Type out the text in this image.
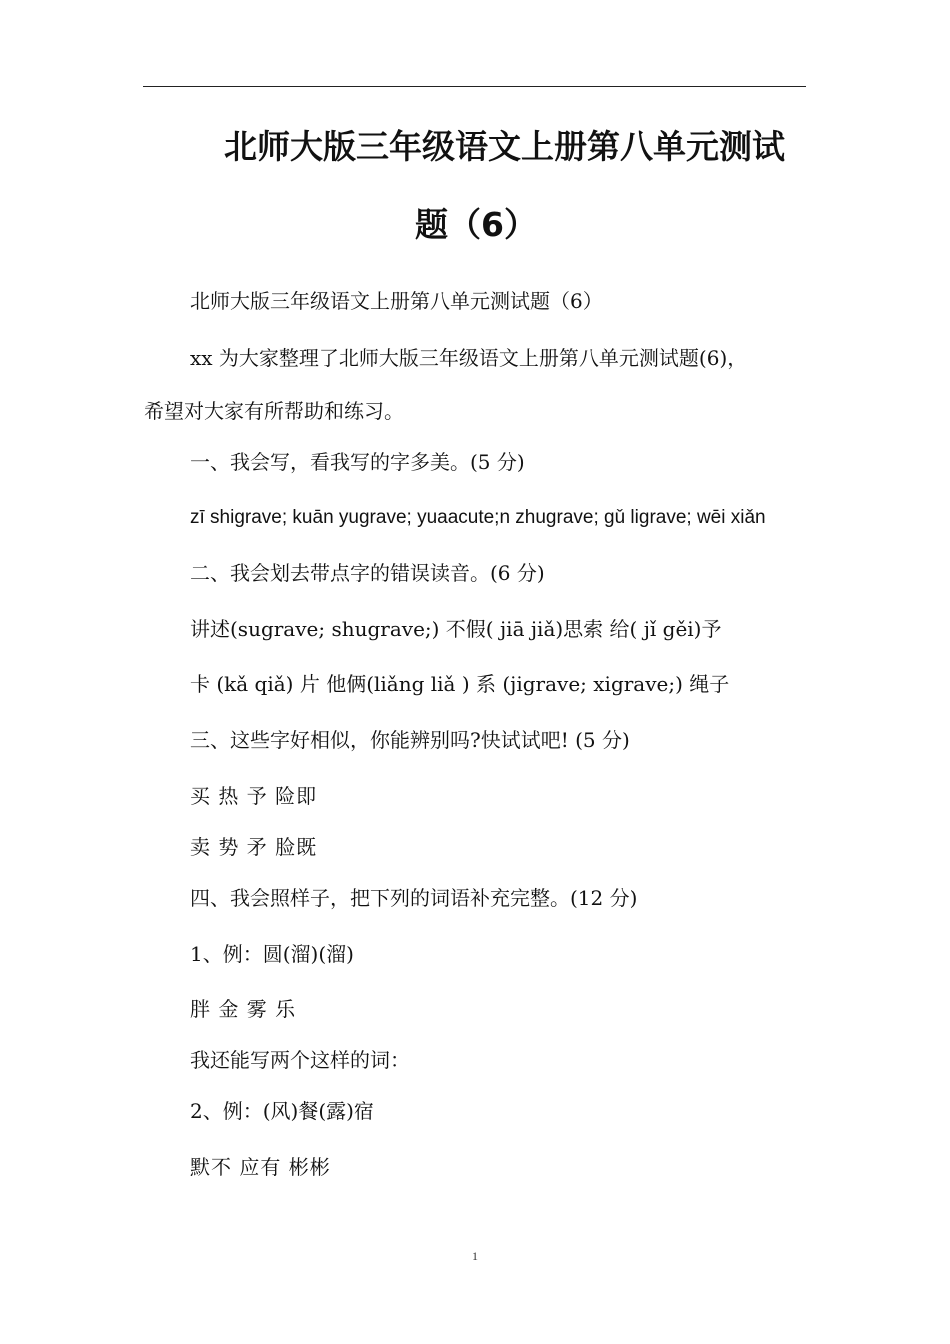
北师大版三年级语文上册第八单元测试
题（6）
北师大版三年级语文上册第八单元测试题（6）
xx 为大家整理了北师大版三年级语文上册第八单元测试题(6)，
希望对大家有所帮助和练习。
一、我会写，看我写的字多美。(5 分)
zī shigrave; kuān yugrave; yuaacute;n zhugrave; gǔ ligrave; wēi xiǎn
二、我会划去带点字的错误读音。(6 分)
讲述(sugrave; shugrave;) 不假( jiā jiǎ)思索 给( jǐ gěi)予
卡 (kǎ qiǎ) 片 他俩(liǎng liǎ ) 系 (jigrave; xigrave;) 绳子
三、这些字好相似，你能辨别吗?快试试吧! (5 分)
买 热 予 险即
卖 势 矛 脸既
四、我会照样子，把下列的词语补充完整。(12 分)
1、例：圆(溜)(溜)
胖 金 雾 乐
我还能写两个这样的词：
2、例：(风)餐(露)宿
默不 应有 彬彬
1
